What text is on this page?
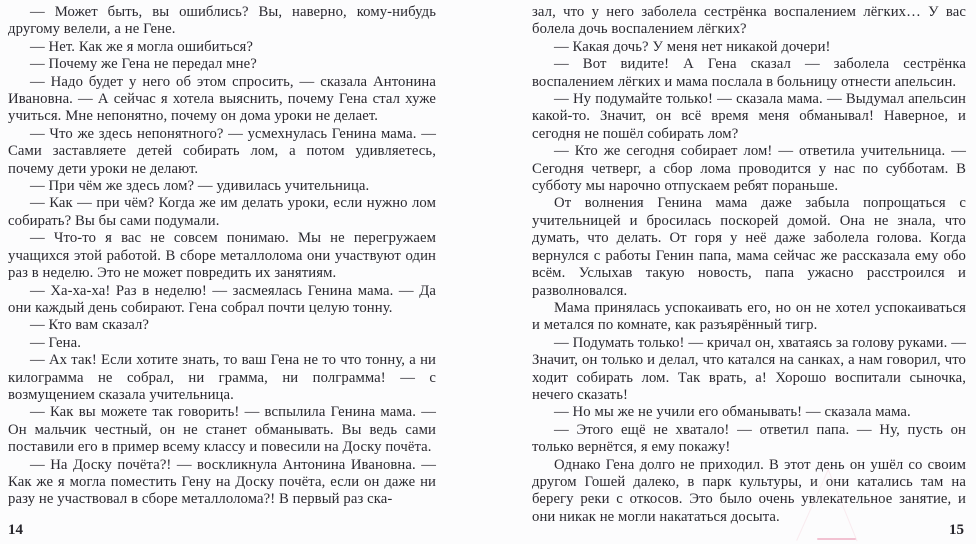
— Может быть, вы ошиблись? Вы, наверно, кому-нибудь другому велели, а не Гене.

— Нет. Как же я могла ошибиться?

— Почему же Гена не передал мне?

— Надо будет у него об этом спросить, — сказала Антонина Ивановна. — А сейчас я хотела выяснить, почему Гена стал хуже учиться. Мне непонятно, почему он дома уроки не делает.

— Что же здесь непонятного? — усмехнулась Генина мама. — Сами заставляете детей собирать лом, а потом удивляетесь, почему дети уроки не делают.

— При чём же здесь лом? — удивилась учительница.

— Как — при чём? Когда же им делать уроки, если нужно лом собирать? Вы бы сами подумали.

— Что-то я вас не совсем понимаю. Мы не перегружаем учащихся этой работой. В сборе металлолома они участвуют один раз в неделю. Это не может повредить их занятиям.

— Ха-ха-ха! Раз в неделю! — засмеялась Генина мама. — Да они каждый день собирают. Гена собрал почти целую тонну.

— Кто вам сказал?

— Гена.

— Ах так! Если хотите знать, то ваш Гена не то что тонну, а ни килограмма не собрал, ни грамма, ни полграмма! — с возмущением сказала учительница.

— Как вы можете так говорить! — вспылила Генина мама. — Он мальчик честный, он не станет обманывать. Вы ведь сами поставили его в пример всему классу и повесили на Доску почёта.

— На Доску почёта?! — воскликнула Антонина Ивановна. — Как же я могла поместить Гену на Доску почёта, если он даже ни разу не участвовал в сборе металлолома?! В первый раз ска-

14

зал, что у него заболела сестрёнка воспалением лёгких… У вас болела дочь воспалением лёгких?

— Какая дочь? У меня нет никакой дочери!

— Вот видите! А Гена сказал — заболела сестрёнка воспалением лёгких и мама послала в больницу отнести апельсин.

— Ну подумайте только! — сказала мама. — Выдумал апельсин какой-то. Значит, он всё время меня обманывал! Наверное, и сегодня не пошёл собирать лом?

— Кто же сегодня собирает лом! — ответила учительница. — Сегодня четверг, а сбор лома проводится у нас по субботам. В субботу мы нарочно отпускаем ребят пораньше.

От волнения Генина мама даже забыла попрощаться с учительницей и бросилась поскорей домой. Она не знала, что думать, что делать. От горя у неё даже заболела голова. Когда вернулся с работы Генин папа, мама сейчас же рассказала ему обо всём. Услыхав такую новость, папа ужасно расстроился и разволновался.

Мама принялась успокаивать его, но он не хотел успокаиваться и метался по комнате, как разъярённый тигр.

— Подумать только! — кричал он, хватаясь за голову руками. — Значит, он только и делал, что катался на санках, а нам говорил, что ходит собирать лом. Так врать, а! Хорошо воспитали сыночка, нечего сказать!

— Но мы же не учили его обманывать! — сказала мама.

— Этого ещё не хватало! — ответил папа. — Ну, пусть он только вернётся, я ему покажу!

Однако Гена долго не приходил. В этот день он ушёл со своим другом Гошей далеко, в парк культуры, и они катались там на берегу реки с откосов. Это было очень увлекательное занятие, и они никак не могли накататься досыта.

15
